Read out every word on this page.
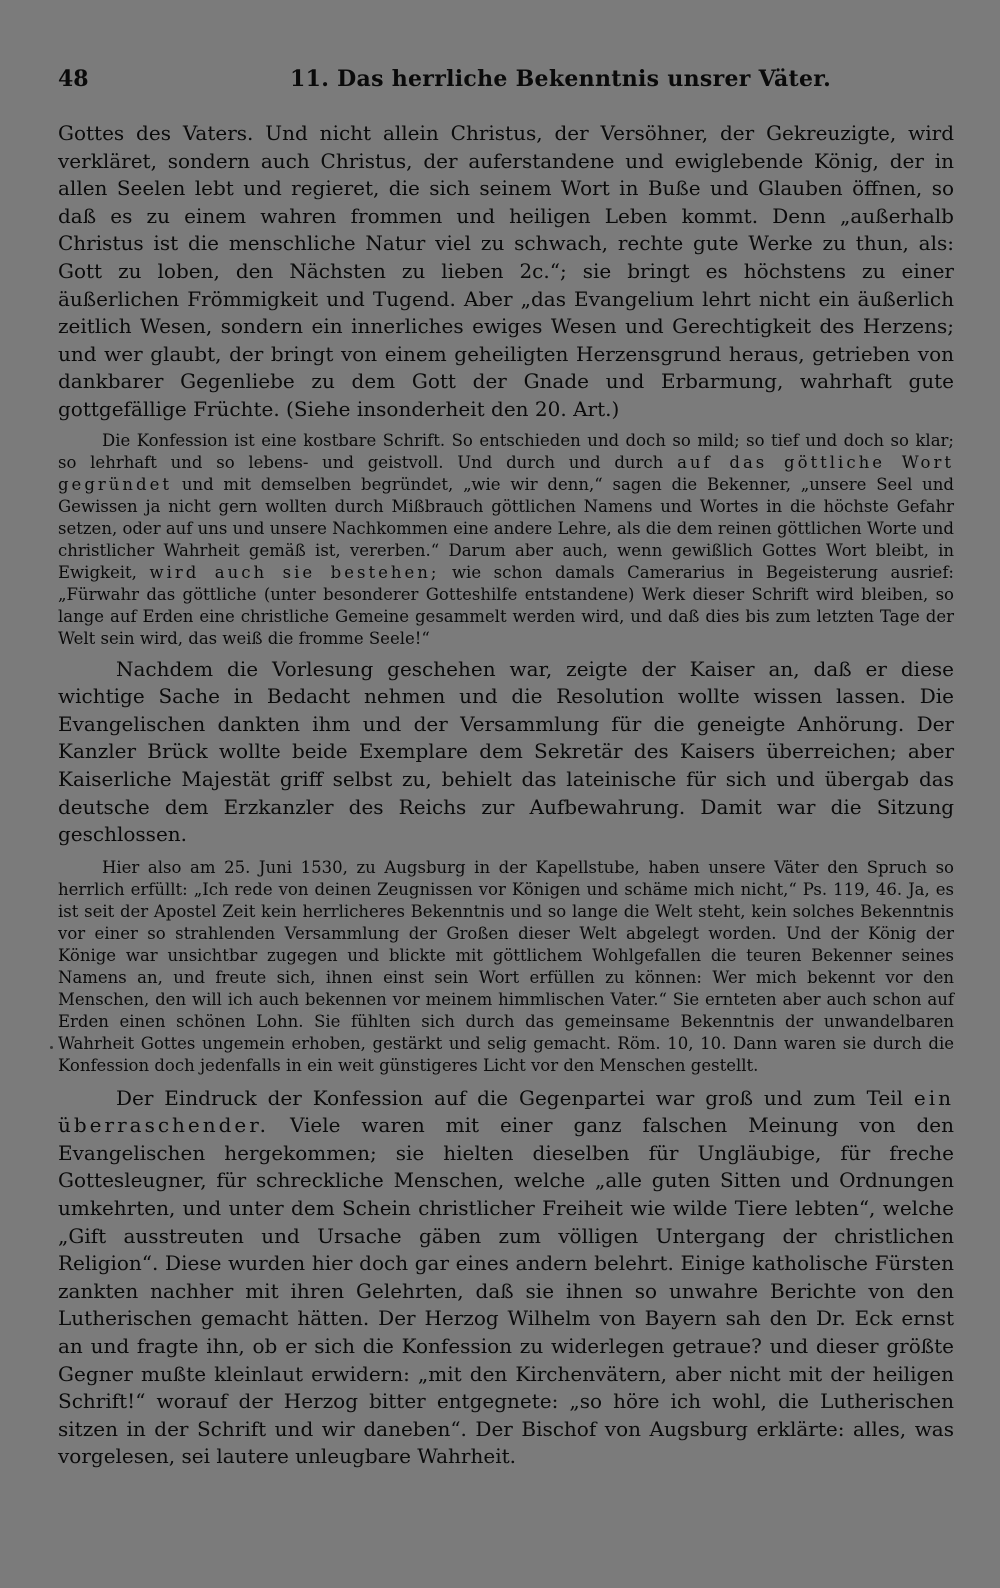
48	11. Das herrliche Bekenntnis unsrer Väter.

Gottes des Vaters. Und nicht allein Christus, der Versöhner, der Gekreuzigte, wird verkläret, sondern auch Christus, der auferstandene und ewiglebende König, der in allen Seelen lebt und regieret, die sich seinem Wort in Buße und Glauben öffnen, so daß es zu einem wahren frommen und heiligen Leben kommt. Denn „außerhalb Christus ist die menschliche Natur viel zu schwach, rechte gute Werke zu thun, als: Gott zu loben, den Nächsten zu lieben 2c.“; sie bringt es höchstens zu einer äußerlichen Frömmigkeit und Tugend. Aber „das Evangelium lehrt nicht ein äußerlich zeitlich Wesen, sondern ein innerliches ewiges Wesen und Gerechtigkeit des Herzens; und wer glaubt, der bringt von einem geheiligten Herzensgrund heraus, getrieben von dankbarer Gegenliebe zu dem Gott der Gnade und Erbarmung, wahrhaft gute gottgefällige Früchte. (Siehe insonderheit den 20. Art.)

Die Konfession ist eine kostbare Schrift. So entschieden und doch so mild; so tief und doch so klar; so lehrhaft und so lebens- und geistvoll. Und durch und durch auf das göttliche Wort gegründet und mit demselben begründet, „wie wir denn,“ sagen die Bekenner, „unsere Seel und Gewissen ja nicht gern wollten durch Mißbrauch göttlichen Namens und Wortes in die höchste Gefahr setzen, oder auf uns und unsere Nachkommen eine andere Lehre, als die dem reinen göttlichen Worte und christlicher Wahrheit gemäß ist, vererben.“ Darum aber auch, wenn gewißlich Gottes Wort bleibt, in Ewigkeit, wird auch sie bestehen; wie schon damals Camerarius in Begeisterung ausrief: „Fürwahr das göttliche (unter besonderer Gotteshilfe entstandene) Werk dieser Schrift wird bleiben, so lange auf Erden eine christliche Gemeine gesammelt werden wird, und daß dies bis zum letzten Tage der Welt sein wird, das weiß die fromme Seele!“

Nachdem die Vorlesung geschehen war, zeigte der Kaiser an, daß er diese wichtige Sache in Bedacht nehmen und die Resolution wollte wissen lassen. Die Evangelischen dankten ihm und der Versammlung für die geneigte Anhörung. Der Kanzler Brück wollte beide Exemplare dem Sekretär des Kaisers überreichen; aber Kaiserliche Majestät griff selbst zu, behielt das lateinische für sich und übergab das deutsche dem Erzkanzler des Reichs zur Aufbewahrung. Damit war die Sitzung geschlossen.

Hier also am 25. Juni 1530, zu Augsburg in der Kapellstube, haben unsere Väter den Spruch so herrlich erfüllt: „Ich rede von deinen Zeugnissen vor Königen und schäme mich nicht,“ Ps. 119, 46. Ja, es ist seit der Apostel Zeit kein herrlicheres Bekenntnis und so lange die Welt steht, kein solches Bekenntnis vor einer so strahlenden Versammlung der Großen dieser Welt abgelegt worden. Und der König der Könige war unsichtbar zugegen und blickte mit göttlichem Wohlgefallen die teuren Bekenner seines Namens an, und freute sich, ihnen einst sein Wort erfüllen zu können: Wer mich bekennt vor den Menschen, den will ich auch bekennen vor meinem himmlischen Vater.“ Sie ernteten aber auch schon auf Erden einen schönen Lohn. Sie fühlten sich durch das gemeinsame Bekenntnis der unwandelbaren Wahrheit Gottes ungemein erhoben, gestärkt und selig gemacht. Röm. 10, 10. Dann waren sie durch die Konfession doch jedenfalls in ein weit günstigeres Licht vor den Menschen gestellt.

Der Eindruck der Konfession auf die Gegenpartei war groß und zum Teil ein überraschender. Viele waren mit einer ganz falschen Meinung von den Evangelischen hergekommen; sie hielten dieselben für Ungläubige, für freche Gottesleugner, für schreckliche Menschen, welche „alle guten Sitten und Ordnungen umkehrten, und unter dem Schein christlicher Freiheit wie wilde Tiere lebten“, welche „Gift ausstreuten und Ursache gäben zum völligen Untergang der christlichen Religion“. Diese wurden hier doch gar eines andern belehrt. Einige katholische Fürsten zankten nachher mit ihren Gelehrten, daß sie ihnen so unwahre Berichte von den Lutherischen gemacht hätten. Der Herzog Wilhelm von Bayern sah den Dr. Eck ernst an und fragte ihn, ob er sich die Konfession zu widerlegen getraue? und dieser größte Gegner mußte kleinlaut erwidern: „mit den Kirchenvätern, aber nicht mit der heiligen Schrift!“ worauf der Herzog bitter entgegnete: „so höre ich wohl, die Lutherischen sitzen in der Schrift und wir daneben“. Der Bischof von Augsburg erklärte: alles, was vorgelesen, sei lautere unleugbare Wahrheit.
